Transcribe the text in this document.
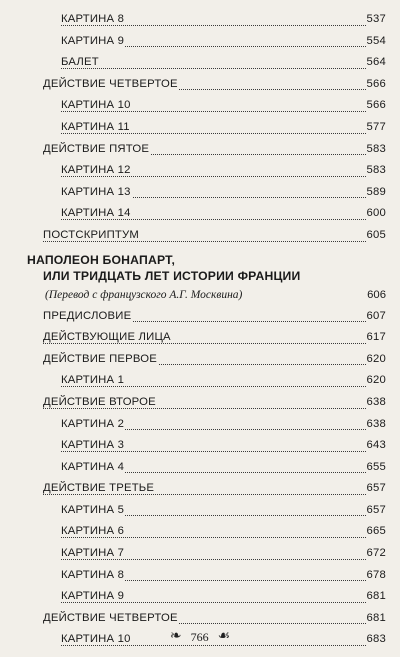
КАРТИНА 8	537
КАРТИНА 9	554
БАЛЕТ	564
ДЕЙСТВИЕ ЧЕТВЕРТОЕ	566
КАРТИНА 10	566
КАРТИНА 11	577
ДЕЙСТВИЕ ПЯТОЕ	583
КАРТИНА 12	583
КАРТИНА 13	589
КАРТИНА 14	600
ПОСТСКРИПТУМ	605
НАПОЛЕОН БОНАПАРТ,
ИЛИ ТРИДЦАТЬ ЛЕТ ИСТОРИИ ФРАНЦИИ
(Перевод с французского А.Г. Москвина)	606
ПРЕДИСЛОВИЕ	607
ДЕЙСТВУЮЩИЕ ЛИЦА	617
ДЕЙСТВИЕ ПЕРВОЕ	620
КАРТИНА 1	620
ДЕЙСТВИЕ ВТОРОЕ	638
КАРТИНА 2	638
КАРТИНА 3	643
КАРТИНА 4	655
ДЕЙСТВИЕ ТРЕТЬЕ	657
КАРТИНА 5	657
КАРТИНА 6	665
КАРТИНА 7	672
КАРТИНА 8	678
КАРТИНА 9	681
ДЕЙСТВИЕ ЧЕТВЕРТОЕ	681
КАРТИНА 10	683
❧ 766 ☙
